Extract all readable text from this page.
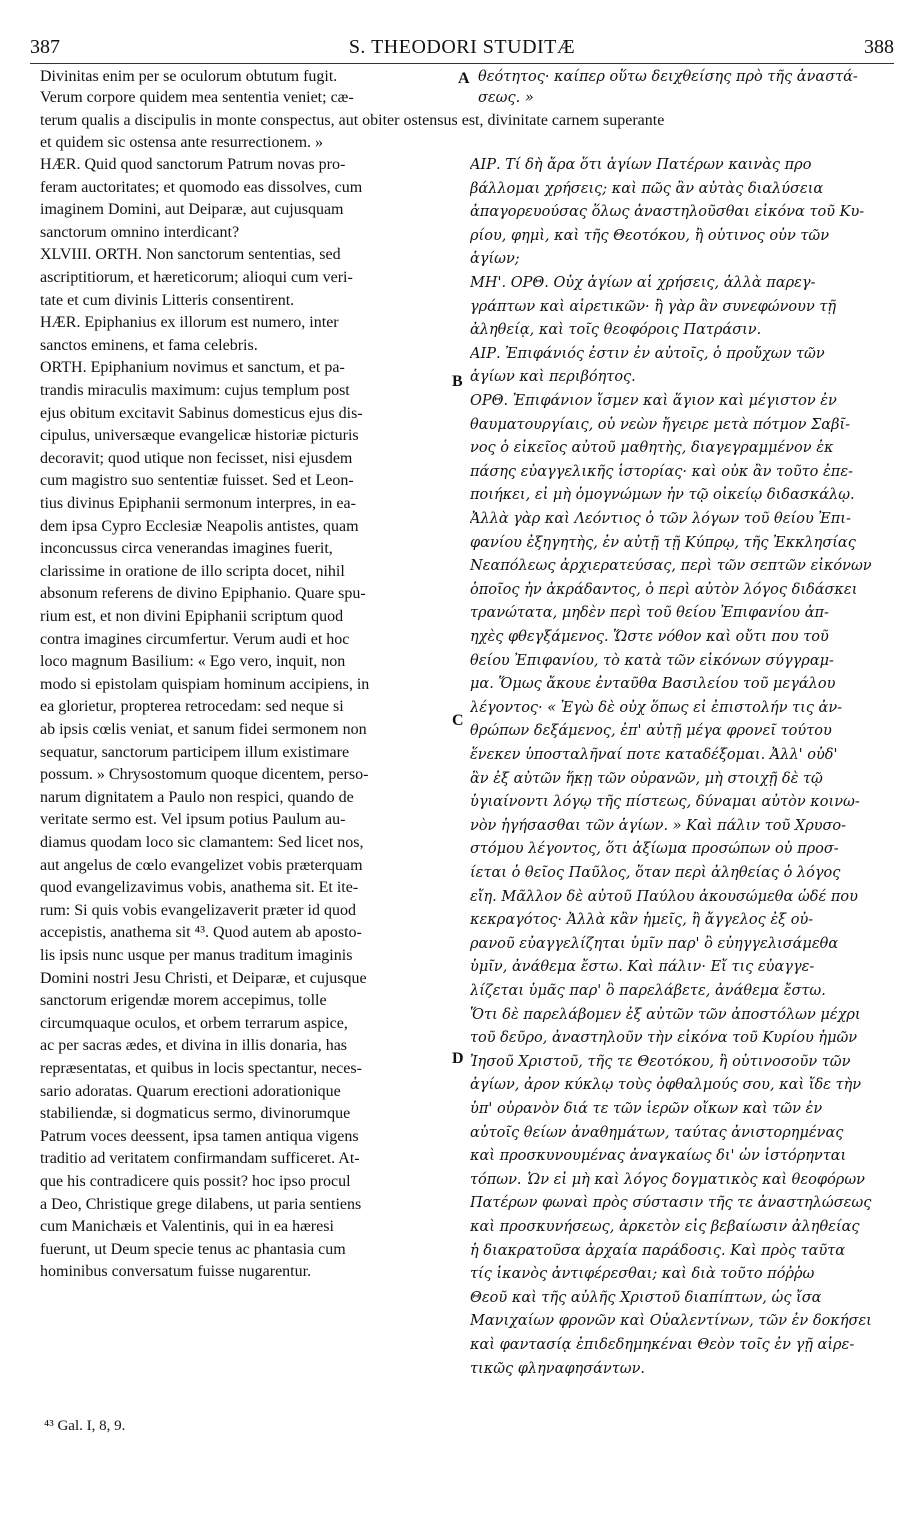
387	S. THEODORI STUDITÆ	388
Divinitas enim per se oculorum obtutum fugit.	θεότητος· καίπερ οὕτω δειχθείσης πρὸ τῆς ἀναστά-
Verum corpore quidem mea sententia veniet; cæ-	σεως. »
terum qualis a discipulis in monte conspectus, aut obiter ostensus est, divinitate carnem superante
et quidem sic ostensa ante resurrectionem. »
HÆR. Quid quod sanctorum Patrum novas pro-
feram auctoritates; et quomodo eas dissolves, cum
imaginem Domini, aut Deiparæ, aut cujusquam
sanctorum omnino interdicant?
XLVIII. ORTH. Non sanctorum sententias, sed
ascriptitiorum, et hæreticorum; alioqui cum veri-
tate et cum divinis Litteris consentirent.
HÆR. Epiphanius ex illorum est numero, inter
sanctos eminens, et fama celebris.
ORTH. Epiphanium novimus et sanctum, et pa-
trandis miraculis maximum: cujus templum post
ejus obitum excitavit Sabinus domesticus ejus dis-
cipulus, universæque evangelicæ historiæ picturis
decoravit; quod utique non fecisset, nisi ejusdem
cum magistro suo sententiæ fuisset. Sed et Leon-
tius divinus Epiphanii sermonum interpres, in ea-
dem ipsa Cypro Ecclesiæ Neapolis antistes, quam
inconcussus circa venerandas imagines fuerit,
clarissime in oratione de illo scripta docet, nihil
absonum referens de divino Epiphanio. Quare spu-
rium est, et non divini Epiphanii scriptum quod
contra imagines circumfertur. Verum audi et hoc
loco magnum Basilium: « Ego vero, inquit, non
modo si epistolam quispiam hominum accipiens, in
ea glorietur, propterea retrocedam: sed neque si
ab ipsis cœlis veniat, et sanum fidei sermonem non
sequatur, sanctorum participem illum existimare
possum. » Chrysostomum quoque dicentem, perso-
narum dignitatem a Paulo non respici, quando de
veritate sermo est. Vel ipsum potius Paulum au-
diamus quodam loco sic clamantem: Sed licet nos,
aut angelus de cœlo evangelizet vobis præterquam
quod evangelizavimus vobis, anathema sit. Et ite-
rum: Si quis vobis evangelizaverit præter id quod
accepistis, anathema sit ⁴³. Quod autem ab aposto-
lis ipsis nunc usque per manus traditum imaginis
Domini nostri Jesu Christi, et Deiparæ, et cujusque
sanctorum erigendæ morem accepimus, tolle
circumquaque oculos, et orbem terrarum aspice,
ac per sacras ædes, et divina in illis donaria, has
repræsentatas, et quibus in locis spectantur, neces-
sario adoratas. Quarum erectioni adorationique
stabiliendæ, si dogmaticus sermo, divinorumque
Patrum voces deessent, ipsa tamen antiqua vigens
traditio ad veritatem confirmandam sufficeret. At-
que his contradicere quis possit? hoc ipso procul
a Deo, Christique grege dilabens, ut paria sentiens
cum Manichæis et Valentinis, qui in ea hæresi
fuerunt, ut Deum specie tenus ac phantasia cum
hominibus conversatum fuisse nugarentur.
ΑΙΡ. Τί δὴ ἄρα ὅτι ἁγίων Πατέρων καινὰς προ
βάλλομαι χρήσεις; καὶ πῶς ἂν αὐτὰς διαλύσεια
ἀπαγορευούσας ὅλως ἀναστηλοῦσθαι εἰκόνα τοῦ Κυ-
ρίου, φημὶ, καὶ τῆς Θεοτόκου, ἢ οὑτινος οὖν τῶν
ἁγίων;
ΜΗ'. ΟΡΘ. Οὐχ ἁγίων αἱ χρήσεις, ἀλλὰ παρεγ-
γράπτων καὶ αἱρετικῶν· ἢ γὰρ ἂν συνεφώνουν τῇ
ἀληθείᾳ, καὶ τοῖς θεοφόροις Πατράσιν.
ΑΙΡ. Ἐπιφάνιός ἐστιν ἐν αὐτοῖς, ὁ προὔχων τῶν
ἁγίων καὶ περιβόητος.
ΟΡΘ. Ἐπιφάνιον ἴσμεν καὶ ἅγιον καὶ μέγιστον ἐν
θαυματουργίαις, οὗ νεὼν ἤγειρε μετὰ πότμον Σαβῖ-
νος ὁ εἰκεῖος αὐτοῦ μαθητὴς, διαγεγραμμένον ἐκ
πάσης εὐαγγελικῆς ἱστορίας· καὶ οὐκ ἂν τοῦτο ἐπε-
ποιήκει, εἰ μὴ ὁμογνώμων ἦν τῷ οἰκείῳ διδασκάλῳ.
Ἀλλὰ γὰρ καὶ Λεόντιος ὁ τῶν λόγων τοῦ θείου Ἐπι-
φανίου ἐξηγητὴς, ἐν αὐτῇ τῇ Κύπρῳ, τῆς Ἐκκλησίας
Νεαπόλεως ἀρχιερατεύσας, περὶ τῶν σεπτῶν εἰκόνων
ὁποῖος ἦν ἀκράδαντος, ὁ περὶ αὐτὸν λόγος διδάσκει
τρανώτατα, μηδὲν περὶ τοῦ θείου Ἐπιφανίου ἀπ-
ηχὲς φθεγξάμενος. Ὥστε νόθον καὶ οὔτι που τοῦ
θείου Ἐπιφανίου, τὸ κατὰ τῶν εἰκόνων σύγγραμ-
μα. Ὅμως ἄκουε ἐνταῦθα Βασιλείου τοῦ μεγάλου
λέγοντος· « Ἐγὼ δὲ οὐχ ὅπως εἰ ἐπιστολήν τις ἀν-
θρώπων δεξάμενος, ἐπ' αὐτῇ μέγα φρονεῖ τούτου
ἕνεκεν ὑποσταλῆναί ποτε καταδέξομαι. Ἀλλ' οὐδ'
ἂν ἐξ αὐτῶν ἥκῃ τῶν οὐρανῶν, μὴ στοιχῇ δὲ τῷ
ὑγιαίνοντι λόγῳ τῆς πίστεως, δύναμαι αὐτὸν κοινω-
νὸν ἡγήσασθαι τῶν ἁγίων. » Καὶ πάλιν τοῦ Χρυσο-
στόμου λέγοντος, ὅτι ἀξίωμα προσώπων οὐ προσ-
ίεται ὁ θεῖος Παῦλος, ὅταν περὶ ἀληθείας ὁ λόγος
εἴη. Μᾶλλον δὲ αὐτοῦ Παύλου ἀκουσώμεθα ὧδέ που
κεκραγότος· Ἀλλὰ κἂν ἡμεῖς, ἢ ἄγγελος ἐξ οὐ-
ρανοῦ εὐαγγελίζηται ὑμῖν παρ' ὃ εὐηγγελισάμεθα
ὑμῖν, ἀνάθεμα ἔστω. Καὶ πάλιν· Εἴ τις εὐαγγε-
λίζεται ὑμᾶς παρ' ὃ παρελάβετε, ἀνάθεμα ἔστω.
Ὅτι δὲ παρελάβομεν ἐξ αὐτῶν τῶν ἀποστόλων μέχρι
τοῦ δεῦρο, ἀναστηλοῦν τὴν εἰκόνα τοῦ Κυρίου ἡμῶν
Ἰησοῦ Χριστοῦ, τῆς τε Θεοτόκου, ἢ οὑτινοσοῦν τῶν
ἁγίων, ἆρον κύκλῳ τοὺς ὀφθαλμούς σου, καὶ ἴδε τὴν
ὑπ' οὐρανὸν διά τε τῶν ἱερῶν οἴκων καὶ τῶν ἐν
αὐτοῖς θείων ἀναθημάτων, ταύτας ἀνιστορημένας
καὶ προσκυνουμένας ἀναγκαίως δι' ὧν ἱστόρηνται
τόπων. Ὧν εἰ μὴ καὶ λόγος δογματικὸς καὶ θεοφόρων
Πατέρων φωναὶ πρὸς σύστασιν τῆς τε ἀναστηλώσεως
καὶ προσκυνήσεως, ἀρκετὸν εἰς βεβαίωσιν ἀληθείας
ἡ διακρατοῦσα ἀρχαία παράδοσις. Καὶ πρὸς ταῦτα
τίς ἱκανὸς ἀντιφέρεσθαι; καὶ διὰ τοῦτο πόῤῥω
Θεοῦ καὶ τῆς αὐλῆς Χριστοῦ διαπίπτων, ὡς ἴσα
Μανιχαίων φρονῶν καὶ Οὐαλεντίνων, τῶν ἐν δοκήσει
καὶ φαντασίᾳ ἐπιδεδημηκέναι Θεὸν τοῖς ἐν γῇ αἱρε-
τικῶς φληναφησάντων.
A
B
C
D
⁴³ Gal. I, 8, 9.
